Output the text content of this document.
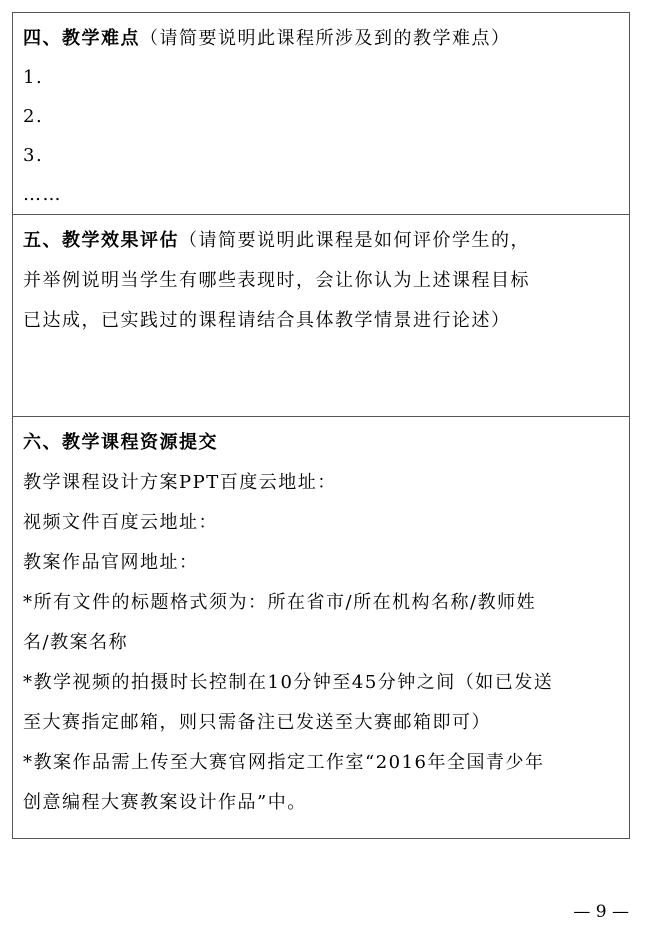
四、教学难点（请简要说明此课程所涉及到的教学难点）
1.
2.
3.
……
五、教学效果评估（请简要说明此课程是如何评价学生的，
并举例说明当学生有哪些表现时，会让你认为上述课程目标
已达成，已实践过的课程请结合具体教学情景进行论述）
六、教学课程资源提交
教学课程设计方案PPT百度云地址：
视频文件百度云地址：
教案作品官网地址：
*所有文件的标题格式须为：所在省市/所在机构名称/教师姓
名/教案名称
*教学视频的拍摄时长控制在10分钟至45分钟之间（如已发送
至大赛指定邮箱，则只需备注已发送至大赛邮箱即可）
*教案作品需上传至大赛官网指定工作室“2016年全国青少年
创意编程大赛教案设计作品”中。
— 9 —
